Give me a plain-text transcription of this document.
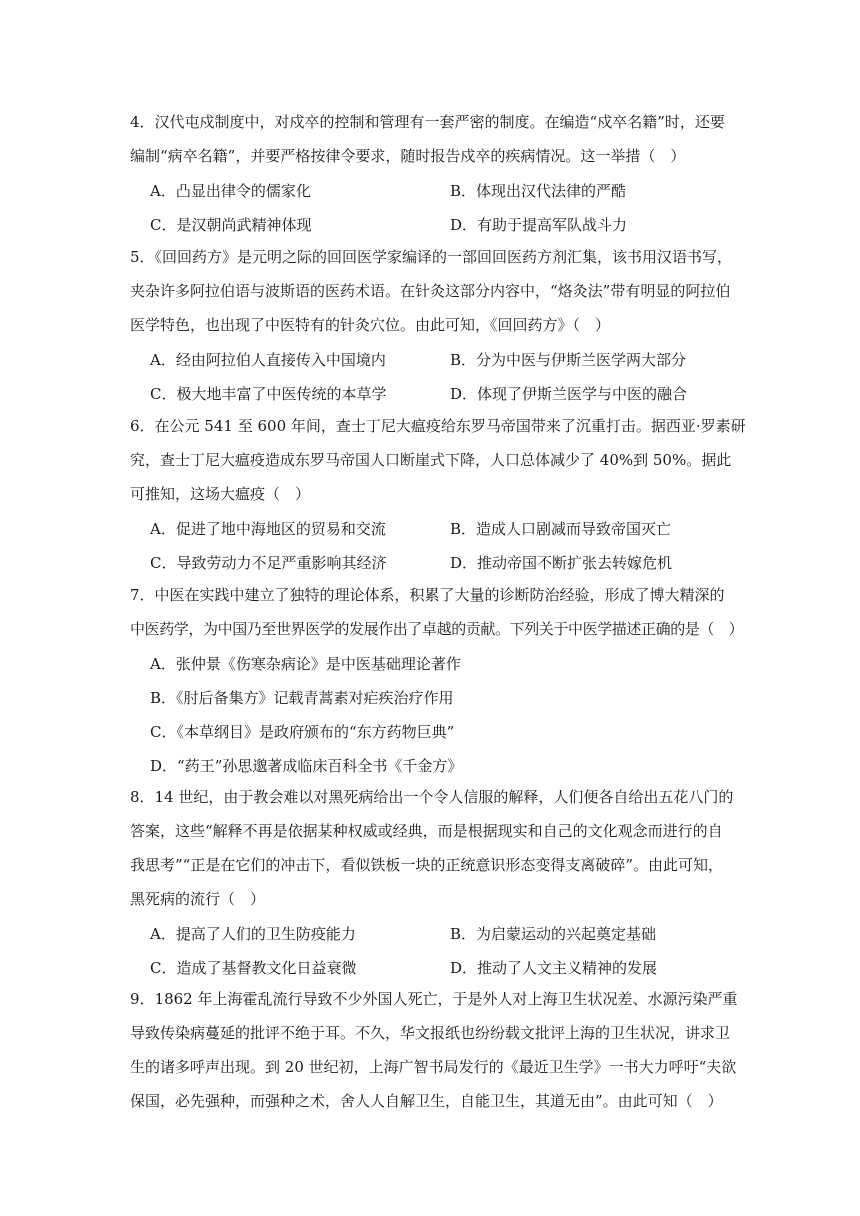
4．汉代屯戍制度中，对戍卒的控制和管理有一套严密的制度。在编造“戍卒名籍”时，还要
编制“病卒名籍”，并要严格按律令要求，随时报告戍卒的疾病情况。这一举措（　）

A．凸显出律令的儒家化	B．体现出汉代法律的严酷
C．是汉朝尚武精神体现	D．有助于提高军队战斗力

5．《回回药方》是元明之际的回回医学家编译的一部回回医药方剂汇集，该书用汉语书写，
夹杂许多阿拉伯语与波斯语的医药术语。在针灸这部分内容中，“烙灸法”带有明显的阿拉伯
医学特色，也出现了中医特有的针灸穴位。由此可知，《回回药方》（　）

A．经由阿拉伯人直接传入中国境内	B．分为中医与伊斯兰医学两大部分
C．极大地丰富了中医传统的本草学	D．体现了伊斯兰医学与中医的融合

6．在公元 541 至 600 年间，查士丁尼大瘟疫给东罗马帝国带来了沉重打击。据西亚·罗素研
究，查士丁尼大瘟疫造成东罗马帝国人口断崖式下降，人口总体减少了 40%到 50%。据此
可推知，这场大瘟疫（　）

A．促进了地中海地区的贸易和交流	B．造成人口剧减而导致帝国灭亡
C．导致劳动力不足严重影响其经济	D．推动帝国不断扩张去转嫁危机

7．中医在实践中建立了独特的理论体系，积累了大量的诊断防治经验，形成了博大精深的
中医药学，为中国乃至世界医学的发展作出了卓越的贡献。下列关于中医学描述正确的是（　）

A．张仲景《伤寒杂病论》是中医基础理论著作
B．《肘后备集方》记载青蒿素对疟疾治疗作用
C．《本草纲目》是政府颁布的“东方药物巨典”
D．“药王”孙思邈著成临床百科全书《千金方》

8．14 世纪，由于教会难以对黑死病给出一个令人信服的解释，人们便各自给出五花八门的
答案，这些“解释不再是依据某种权威或经典，而是根据现实和自己的文化观念而进行的自
我思考”“正是在它们的冲击下，看似铁板一块的正统意识形态变得支离破碎”。由此可知，
黑死病的流行（　）

A．提高了人们的卫生防疫能力	B．为启蒙运动的兴起奠定基础
C．造成了基督教文化日益衰微	D．推动了人文主义精神的发展

9．1862 年上海霍乱流行导致不少外国人死亡，于是外人对上海卫生状况差、水源污染严重
导致传染病蔓延的批评不绝于耳。不久，华文报纸也纷纷载文批评上海的卫生状况，讲求卫
生的诸多呼声出现。到 20 世纪初，上海广智书局发行的《最近卫生学》一书大力呼吁“夫欲
保国，必先强种，而强种之术，舍人人自解卫生，自能卫生，其道无由”。由此可知（　）
